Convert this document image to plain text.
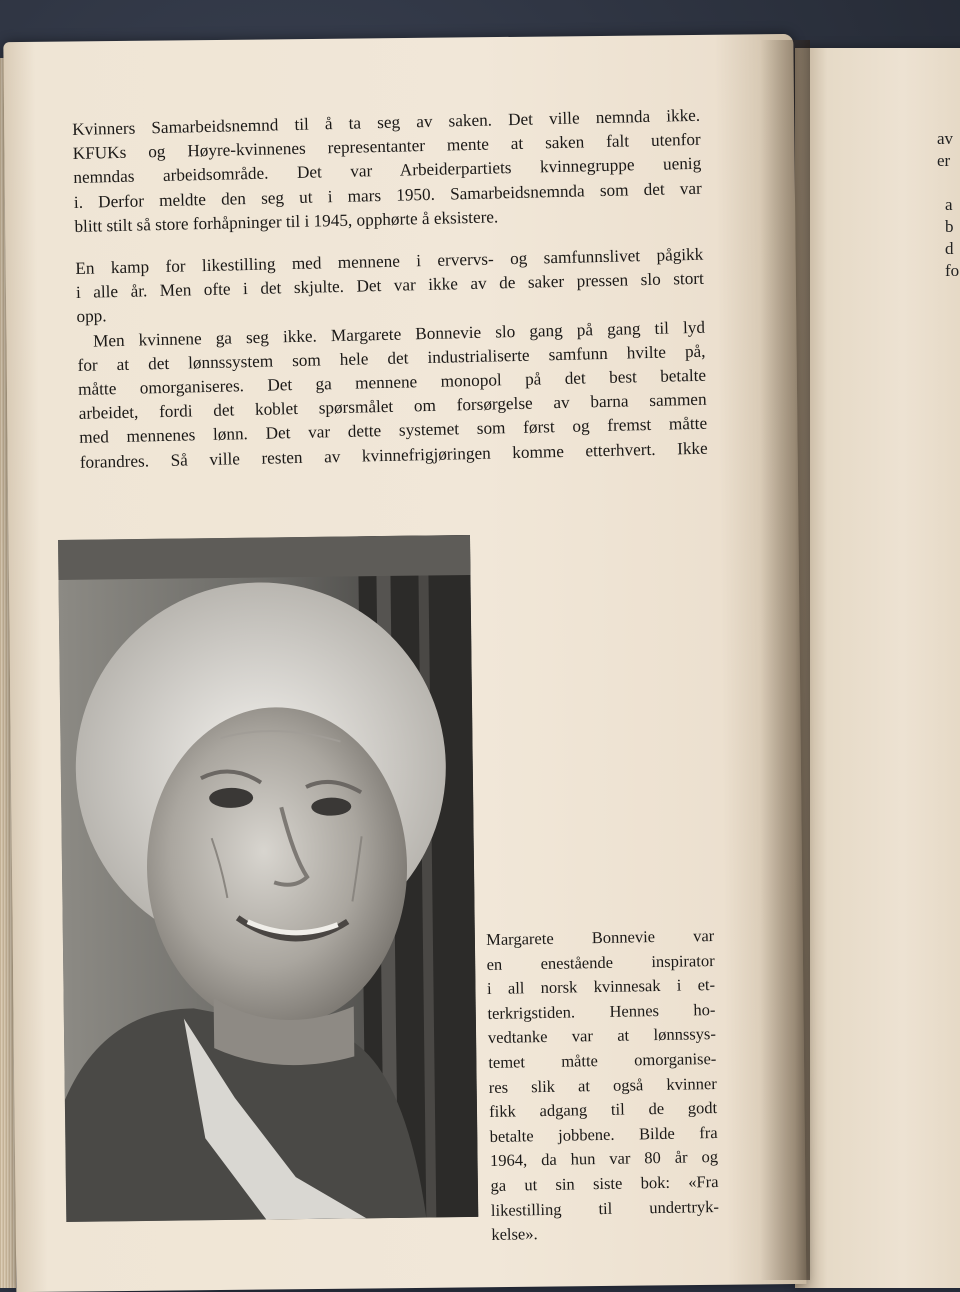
av
er
a
b
d
fo

Kvinners Samarbeidsnemnd til å ta seg av saken. Det ville nemnda ikke.
KFUKs og Høyre-kvinnenes representanter mente at saken falt utenfor
nemndas arbeidsområde. Det var Arbeiderpartiets kvinnegruppe uenig
i. Derfor meldte den seg ut i mars 1950. Samarbeidsnemnda som det var
blitt stilt så store forhåpninger til i 1945, opphørte å eksistere.

En kamp for likestilling med mennene i ervervs- og samfunnslivet pågikk
i alle år. Men ofte i det skjulte. Det var ikke av de saker pressen slo stort
opp.

Men kvinnene ga seg ikke. Margarete Bonnevie slo gang på gang til lyd
for at det lønnssystem som hele det industrialiserte samfunn hvilte på,
måtte omorganiseres. Det ga mennene monopol på det best betalte
arbeidet, fordi det koblet spørsmålet om forsørgelse av barna sammen
med mennenes lønn. Det var dette systemet som først og fremst måtte
forandres. Så ville resten av kvinnefrigjøringen komme etterhvert. Ikke

Margarete Bonnevie var
en enestående inspirator
i all norsk kvinnesak i et-
terkrigstiden. Hennes ho-
vedtanke var at lønnssys-
temet måtte omorganise-
res slik at også kvinner
fikk adgang til de godt
betalte jobbene. Bilde fra
1964, da hun var 80 år og
ga ut sin siste bok: «Fra
likestilling til undertryk-
kelse».
